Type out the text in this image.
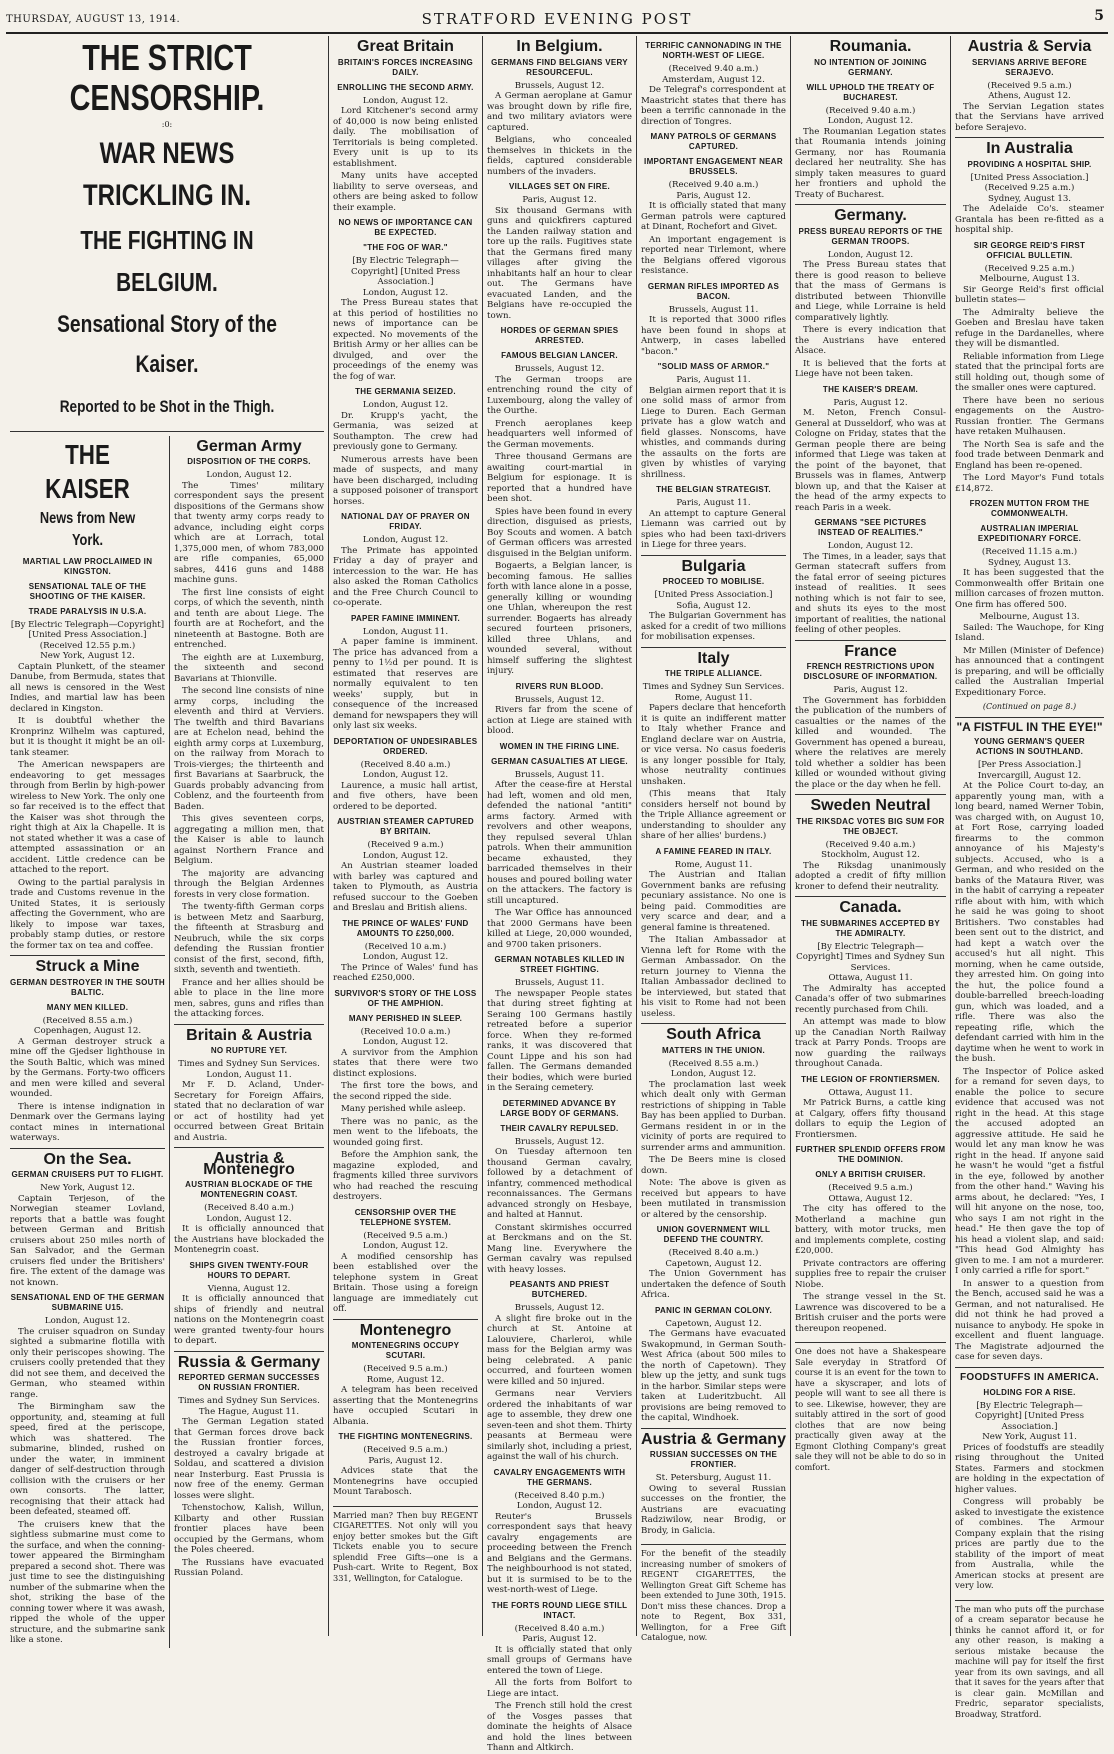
THURSDAY, AUGUST 13, 1914.	STRATFORD EVENING POST	5
THE STRICT CENSORSHIP.
:0:
WAR NEWS TRICKLING IN.
THE FIGHTING IN BELGIUM.
Sensational Story of the Kaiser.
Reported to be Shot in the Thigh.
THE KAISER
News from New York.
MARTIAL LAW PROCLAIMED IN KINGSTON.
SENSATIONAL TALE OF THE SHOOTING OF THE KAISER.
TRADE PARALYSIS IN U.S.A.
[By Electric Telegraph—Copyright] [United Press Association.]
(Received 12.55 p.m.)
New York, August 12.

Captain Plunkett, of the steamer Danube, from Bermuda, states that all news is censored in the West Indies, and martial law has been declared in Kingston.

It is doubtful whether the Kronprinz Wilhelm was captured, but it is thought it might be an oil-tank steamer.

The American newspapers are endeavoring to get messages through from Berlin by high-power wireless to New York. The only one so far received is to the effect that the Kaiser was shot through the right thigh at Aix la Chapelle. It is not stated whether it was a case of attempted assassination or an accident. Little credence can be attached to the report.

Owing to the partial paralysis in trade and Customs revenue in the United States, it is seriously affecting the Government, who are likely to impose war taxes, probably stamp duties, or restore the former tax on tea and coffee.

Struck a Mine
GERMAN DESTROYER IN THE SOUTH BALTIC.
MANY MEN KILLED.
(Received 8.55 a.m.)
Copenhagen, August 12.

A German destroyer struck a mine off the Gjedser lighthouse in the South Baltic, which was mined by the Germans. Forty-two officers and men were killed and several wounded.

There is intense indignation in Denmark over the Germans laying contact mines in international waterways.

On the Sea.
GERMAN CRUISERS PUT TO FLIGHT.
New York, August 12.

Captain Terjeson, of the Norwegian steamer Lovland, reports that a battle was fought between German and British cruisers about 250 miles north of San Salvador, and the German cruisers fled under the Britishers' fire. The extent of the damage was not known.

SENSATIONAL END OF THE GERMAN SUBMARINE U15.
London, August 12.

The cruiser squadron on Sunday sighted a submarine flotilla with only their periscopes showing. The cruisers coolly pretended that they did not see them, and deceived the German, who steamed within range.

The Birmingham saw the opportunity, and, steaming at full speed, fired at the periscope, which was shattered. The submarine, blinded, rushed on under the water, in imminent danger of self-destruction through collision with the cruisers or her own consorts. The latter, recognising that their attack had been defeated, steamed off.

The cruisers knew that the sightless submarine must come to the surface, and when the conning-tower appeared the Birmingham prepared a second shot. There was just time to see the distinguishing number of the submarine when the shot, striking the base of the conning tower where it was awash, ripped the whole of the upper structure, and the submarine sank like a stone.

German Army
DISPOSITION OF THE CORPS.
London, August 12.

The Times' military correspondent says the present dispositions of the Germans show that twenty army corps ready to advance, including eight corps which are at Lorrach, total 1,375,000 men, of whom 783,000 are rifle companies, 65,000 sabres, 4416 guns and 1488 machine guns.

The first line consists of eight corps, of which the seventh, ninth and tenth are about Liege. The fourth are at Rochefort, and the nineteenth at Bastogne. Both are entrenched.

The eighth are at Luxemburg, the sixteenth and second Bavarians at Thionville.

The second line consists of nine army corps, including the eleventh and third at Verviers. The twelfth and third Bavarians are at Echelon nead, behind the eighth army corps at Luxemburg, on the railway from Morach to Trois-vierges; the thirteenth and first Bavarians at Saarbruck, the Guards probably advancing from Coblenz, and the fourteenth from Baden.

This gives seventeen corps, aggregating a million men, that the Kaiser is able to launch against Northern France and Belgium.

The majority are advancing through the Belgian Ardennes forests in very close formation.

The twenty-fifth German corps is between Metz and Saarburg, the fifteenth at Strasburg and Neubruch, while the six corps defending the Russian frontier consist of the first, second, fifth, sixth, seventh and twentieth.

France and her allies should be able to place in the line more men, sabres, guns and rifles than the attacking forces.

Britain & Austria
NO RUPTURE YET.
Times and Sydney Sun Services.
London, August 11.

Mr F. D. Acland, Under-Secretary for Foreign Affairs, stated that no declaration of war or act of hostility had yet occurred between Great Britain and Austria.

Austria & Montenegro
AUSTRIAN BLOCKADE OF THE MONTENEGRIN COAST.
(Received 8.40 a.m.)
London, August 12.

It is officially announced that the Austrians have blockaded the Montenegrin coast.

SHIPS GIVEN TWENTY-FOUR HOURS TO DEPART.
Vienna, August 12.

It is officially announced that ships of friendly and neutral nations on the Montenegrin coast were granted twenty-four hours to depart.

Russia & Germany
REPORTED GERMAN SUCCESSES ON RUSSIAN FRONTIER.
Times and Sydney Sun Services.
The Hague, August 11.

The German Legation stated that German forces drove back the Russian frontier forces, destroyed a cavalry brigade at Soldau, and scattered a division near Insterburg. East Prussia is now free of the enemy. German losses were slight.

Tchenstochow, Kalish, Willun, Kilbarty and other Russian frontier places have been occupied by the Germans, whom the Poles cheered.

The Russians have evacuated Russian Poland.

Great Britain
BRITAIN'S FORCES INCREASING DAILY.
ENROLLING THE SECOND ARMY.
London, August 12.

Lord Kitchener's second army of 40,000 is now being enlisted daily. The mobilisation of Territorials is being completed. Every unit is up to its establishment.

Many units have accepted liability to serve overseas, and others are being asked to follow their example.

NO NEWS OF IMPORTANCE CAN BE EXPECTED.
"THE FOG OF WAR."
[By Electric Telegraph—Copyright] [United Press Association.]
London, August 12.

The Press Bureau states that at this period of hostilities no news of importance can be expected. No movements of the British Army or her allies can be divulged, and over the proceedings of the enemy was the fog of war.

THE GERMANIA SEIZED.
London, August 12.

Dr. Krupp's yacht, the Germania, was seized at Southampton. The crew had previously gone to Germany.

Numerous arrests have been made of suspects, and many have been discharged, including a supposed poisoner of transport horses.

NATIONAL DAY OF PRAYER ON FRIDAY.
London, August 12.

The Primate has appointed Friday a day of prayer and intercession to the war. He has also asked the Roman Catholics and the Free Church Council to co-operate.

PAPER FAMINE IMMINENT.
London, August 11.

A paper famine is imminent. The price has advanced from a penny to 1½d per pound. It is estimated that reserves are normally equivalent to ten weeks' supply, but in consequence of the increased demand for newspapers they will only last six weeks.

DEPORTATION OF UNDESIRABLES ORDERED.
(Received 8.40 a.m.)
London, August 12.

Laurence, a music hall artist, and five others, have been ordered to be deported.

AUSTRIAN STEAMER CAPTURED BY BRITAIN.
(Received 9 a.m.)
London, August 12.

An Austrian steamer loaded with barley was captured and taken to Plymouth, as Austria refused succour to the Goeben and Breslau and British aliens.

THE PRINCE OF WALES' FUND AMOUNTS TO £250,000.
(Received 10 a.m.)
London, August 12.

The Prince of Wales' fund has reached £250,000.

SURVIVOR'S STORY OF THE LOSS OF THE AMPHION.
MANY PERISHED IN SLEEP.
(Received 10.0 a.m.)
London, August 12.

A survivor from the Amphion states that there were two distinct explosions.

The first tore the bows, and the second ripped the side.

Many perished while asleep.

There was no panic, as the men went to the lifeboats, the wounded going first.

Before the Amphion sank, the magazine exploded, and fragments killed three survivors who had reached the rescuing destroyers.

CENSORSHIP OVER THE TELEPHONE SYSTEM.
(Received 9.5 a.m.)
London, August 12.

A modified censorship has been established over the telephone system in Great Britain. Those using a foreign language are immediately cut off.

Montenegro
MONTENEGRINS OCCUPY SCUTARI.
(Received 9.5 a.m.)
Rome, August 12.

A telegram has been received asserting that the Montenegrins have occupied Scutari in Albania.

THE FIGHTING MONTENEGRINS.
(Received 9.5 a.m.)
Paris, August 12.

Advices state that the Montenegrins have occupied Mount Tarabosch.

Married man? Then buy REGENT CIGARETTES. Not only will you enjoy better smokes but the Gift Tickets enable you to secure splendid Free Gifts—one is a Push-cart. Write to Regent, Box 331, Wellington, for Catalogue.

In Belgium.
GERMANS FIND BELGIANS VERY RESOURCEFUL.
Brussels, August 12.

A German aeroplane at Gamur was brought down by rifle fire, and two military aviators were captured.

Belgians, who concealed themselves in thickets in the fields, captured considerable numbers of the invaders.

VILLAGES SET ON FIRE.
Paris, August 12.

Six thousand Germans with guns and quickfirers captured the Landen railway station and tore up the rails. Fugitives state that the Germans fired many villages after giving the inhabitants half an hour to clear out. The Germans have evacuated Landen, and the Belgians have re-occupied the town.

HORDES OF GERMAN SPIES ARRESTED.
FAMOUS BELGIAN LANCER.
Brussels, August 12.

The German troops are entrenching round the city of Luxembourg, along the valley of the Ourthe.

French aeroplanes keep headquarters well informed of the German movements.

Three thousand Germans are awaiting court-martial in Belgium for espionage. It is reported that a hundred have been shot.

Spies have been found in every direction, disguised as priests, Boy Scouts and women. A batch of German officers was arrested disguised in the Belgian uniform.

Bogaerts, a Belgian lancer, is becoming famous. He sallies forth with lance alone in a posse, generally killing or wounding one Uhlan, whereupon the rest surrender. Bogaerts has already secured fourteen prisoners, killed three Uhlans, and wounded several, without himself suffering the slightest injury.

RIVERS RUN BLOOD.
Brussels, August 12.

Rivers far from the scene of action at Liege are stained with blood.

WOMEN IN THE FIRING LINE.
GERMAN CASUALTIES AT LIEGE.
Brussels, August 11.

After the cease-fire at Herstal had left, women and old men, defended the national "antiti" arms factory. Armed with revolvers and other weapons, they repulsed several Uhlan patrols. When their ammunition became exhausted, they barricaded themselves in their houses and poured boiling water on the attackers. The factory is still uncaptured.

The War Office has announced that 2000 Germans have been killed at Liege, 20,000 wounded, and 9700 taken prisoners.

GERMAN NOTABLES KILLED IN STREET FIGHTING.
Brussels, August 11.

The newspaper People states that during street fighting at Seraing 100 Germans hastily retreated before a superior force. When they re-formed ranks, it was discovered that Count Lippe and his son had fallen. The Germans demanded their bodies, which were buried in the Seraing cemetery.

DETERMINED ADVANCE BY LARGE BODY OF GERMANS.
THEIR CAVALRY REPULSED.
Brussels, August 12.

On Tuesday afternoon ten thousand German cavalry, followed by a detachment of infantry, commenced methodical reconnaissances. The Germans advanced strongly on Hesbaye, and halted at Hannut.

Constant skirmishes occurred at Berckmans and on the St. Mang line. Everywhere the German cavalry was repulsed with heavy losses.

PEASANTS AND PRIEST BUTCHERED.
Brussels, August 12.

A slight fire broke out in the church at St. Antoine at Lalouviere, Charleroi, while mass for the Belgian army was being celebrated. A panic occurred, and fourteen women were killed and 50 injured.

Germans near Verviers ordered the inhabitants of war age to assemble, they drew one seven-teen and shot them. Thirty peasants at Bermeau were similarly shot, including a priest, against the wall of his church.

CAVALRY ENGAGEMENTS WITH THE GERMANS.
(Received 8.40 p.m.)
London, August 12.

Reuter's Brussels correspondent says that heavy cavalry engagements are proceeding between the French and Belgians and the Germans. The neighbourhood is not stated, but it is surmised to be to the west-north-west of Liege.

THE FORTS ROUND LIEGE STILL INTACT.
(Received 8.40 a.m.)
Paris, August 12.

It is officially stated that only small groups of Germans have entered the town of Liege.

All the forts from Bolfort to Liege are intact.

The French still hold the crest of the Vosges passes that dominate the heights of Alsace and hold the lines between Thann and Altkirch.

TERRIFIC CANNONADING IN THE NORTH-WEST OF LIEGE.
(Received 9.40 a.m.)
Amsterdam, August 12.

De Telegraf's correspondent at Maastricht states that there has been a terrific cannonade in the direction of Tongres.

MANY PATROLS OF GERMANS CAPTURED.
IMPORTANT ENGAGEMENT NEAR BRUSSELS.
(Received 9.40 a.m.)
Paris, August 12.

It is officially stated that many German patrols were captured at Dinant, Rochefort and Givet.

An important engagement is reported near Tirlemont, where the Belgians offered vigorous resistance.

GERMAN RIFLES IMPORTED AS BACON.
Brussels, August 11.

It is reported that 3000 rifles have been found in shops at Antwerp, in cases labelled "bacon."

"SOLID MASS OF ARMOR."
Paris, August 11.

Belgian airmen report that it is one solid mass of armor from Liege to Duren. Each German private has a glow watch and field glasses. Nonscoms, have whistles, and commands during the assaults on the forts are given by whistles of varying shrillness.

THE BELGIAN STRATEGIST.
Paris, August 11.

An attempt to capture General Liemann was carried out by spies who had been taxi-drivers in Liege for three years.

Bulgaria
PROCEED TO MOBILISE.
[United Press Association.]
Sofia, August 12.

The Bulgarian Government has asked for a credit of two millions for mobilisation expenses.

Italy
THE TRIPLE ALLIANCE.
Times and Sydney Sun Services.
Rome, August 11.

Papers declare that henceforth it is quite an indifferent matter to Italy whether France and England declare war on Austria, or vice versa. No casus foederis is any longer possible for Italy, whose neutrality continues unshaken.

(This means that Italy considers herself not bound by the Triple Alliance agreement or understanding to shoulder any share of her allies' burdens.)

A FAMINE FEARED IN ITALY.
Rome, August 11.

The Austrian and Italian Government banks are refusing pecuniary assistance. No one is being paid. Commodities are very scarce and dear, and a general famine is threatened.

The Italian Ambassador at Vienna left for Rome with the German Ambassador. On the return journey to Vienna the Italian Ambassador declined to be interviewed, but stated that his visit to Rome had not been useless.

South Africa
MATTERS IN THE UNION.
(Received 8.55 a.m.)
London, August 12.

The proclamation last week which dealt only with German restrictions of shipping in Table Bay has been applied to Durban. Germans resident in or in the vicinity of ports are required to surrender arms and ammunition.

The De Beers mine is closed down.

Note: The above is given as received but appears to have been mutilated in transmission or altered by the censorship.

UNION GOVERNMENT WILL DEFEND THE COUNTRY.
(Received 8.40 a.m.)
Capetown, August 12.

The Union Government has undertaken the defence of South Africa.

PANIC IN GERMAN COLONY.
Capetown, August 12.

The Germans have evacuated Swakopmund, in German South-West Africa (about 500 miles to the north of Capetown). They blew up the jetty, and sunk tugs in the harbor. Similar steps were taken at Luderitzbucht. All provisions are being removed to the capital, Windhoek.

Austria & Germany
RUSSIAN SUCCESSES ON THE FRONTIER.
St. Petersburg, August 11.

Owing to several Russian successes on the frontier, the Austrians are evacuating Radziwilow, near Brodig, or Brody, in Galicia.

For the benefit of the steadily increasing number of smokers of REGENT CIGARETTES, the Wellington Great Gift Scheme has been extended to June 30th, 1915. Don't miss these chances. Drop a note to Regent, Box 331, Wellington, for a Free Gift Catalogue, now.

Roumania.
NO INTENTION OF JOINING GERMANY.
WILL UPHOLD THE TREATY OF BUCHAREST.
(Received 9.40 a.m.)
London, August 12.

The Roumanian Legation states that Roumania intends joining Germany, nor has Roumania declared her neutrality. She has simply taken measures to guard her frontiers and uphold the Treaty of Bucharest.

Germany.
PRESS BUREAU REPORTS OF THE GERMAN TROOPS.
London, August 12.

The Press Bureau states that there is good reason to believe that the mass of Germans is distributed between Thionville and Liege, while Lorraine is held comparatively lightly.

There is every indication that the Austrians have entered Alsace.

It is believed that the forts at Liege have not been taken.

THE KAISER'S DREAM.
Paris, August 12.

M. Neton, French Consul-General at Dusseldorf, who was at Cologne on Friday, states that the German people there are being informed that Liege was taken at the point of the bayonet, that Brussels was in flames, Antwerp blown up, and that the Kaiser at the head of the army expects to reach Paris in a week.

GERMANS "SEE PICTURES INSTEAD OF REALITIES."
London, August 12.

The Times, in a leader, says that German statecraft suffers from the fatal error of seeing pictures instead of realities. It sees nothing which is not fair to see, and shuts its eyes to the most important of realities, the national feeling of other peoples.

France
FRENCH RESTRICTIONS UPON DISCLOSURE OF INFORMATION.
Paris, August 12.

The Government has forbidden the publication of the numbers of casualties or the names of the killed and wounded. The Government has opened a bureau, where the relatives are merely told whether a soldier has been killed or wounded without giving the place or the day when he fell.

Sweden Neutral
THE RIKSDAC VOTES BIG SUM FOR THE OBJECT.
(Received 9.40 a.m.)
Stockholm, August 12.

The Riksdag unanimously adopted a credit of fifty million kroner to defend their neutrality.

Canada.
THE SUBMARINES ACCEPTED BY THE ADMIRALTY.
[By Electric Telegraph—Copyright] Times and Sydney Sun Services.
Ottawa, August 11.

The Admiralty has accepted Canada's offer of two submarines recently purchased from Chili.

An attempt was made to blow up the Canadian North Railway track at Parry Ponds. Troops are now guarding the railways throughout Canada.

THE LEGION OF FRONTIERSMEN.
Ottawa, August 11.

Mr Patrick Burns, a cattle king at Calgary, offers fifty thousand dollars to equip the Legion of Frontiersmen.

FURTHER SPLENDID OFFERS FROM THE DOMINION.
ONLY A BRITISH CRUISER.
(Received 9.5 a.m.)
Ottawa, August 12.

The city has offered to the Motherland a machine gun battery, with motor trucks, men and implements complete, costing £20,000.

Private contractors are offering supplies free to repair the cruiser Niobe.

The strange vessel in the St. Lawrence was discovered to be a British cruiser and the ports were thereupon reopened.

One does not have a Shakespeare Sale everyday in Stratford Of course it is an event for the town to have a skyscraper, and lots of people will want to see all there is to see. Likewise, however, they are suitably attired in the sort of good clothes that are now being practically given away at the Egmont Clothing Company's great sale they will not be able to do so in comfort.

Austria & Servia
SERVIANS ARRIVE BEFORE SERAJEVO.
(Received 9.5 a.m.)
Athens, August 12.

The Servian Legation states that the Servians have arrived before Serajevo.

In Australia
PROVIDING A HOSPITAL SHIP.
[United Press Association.]
(Received 9.25 a.m.)
Sydney, August 13.

The Adelaide Co's. steamer Grantala has been re-fitted as a hospital ship.

SIR GEORGE REID'S FIRST OFFICIAL BULLETIN.
(Received 9.25 a.m.)
Melbourne, August 13.

Sir George Reid's first official bulletin states—

The Admiralty believe the Goeben and Breslau have taken refuge in the Dardanelles, where they will be dismantled.

Reliable information from Liege stated that the principal forts are still holding out, though some of the smaller ones were captured.

There have been no serious engagements on the Austro-Russian frontier. The Germans have retaken Mulhausen.

The North Sea is safe and the food trade between Denmark and England has been re-opened.

The Lord Mayor's Fund totals £14,872.

FROZEN MUTTON FROM THE COMMONWEALTH.
AUSTRALIAN IMPERIAL EXPEDITIONARY FORCE.
(Received 11.15 a.m.)
Sydney, August 13.

It has been suggested that the Commonwealth offer Britain one million carcases of frozen mutton. One firm has offered 500.

Melbourne, August 13.

Sailed: The Wauchope, for King Island.

Mr Millen (Minister of Defence) has announced that a contingent is preparing, and will be officially called the Australian Imperial Expeditionary Force.

(Continued on page 8.)
"A FISTFUL IN THE EYE!"
YOUNG GERMAN'S QUEER ACTIONS IN SOUTHLAND.
[Per Press Association.]
Invercargill, August 12.

At the Police Court to-day, an apparently young man, with a long beard, named Werner Tobin, was charged with, on August 10, at Fort Rose, carrying loaded firearms to the common annoyance of his Majesty's subjects. Accused, who is a German, and who resided on the banks of the Mataura River, was in the habit of carrying a repeater rifle about with him, with which he said he was going to shoot Britishers. Two constables had been sent out to the district, and had kept a watch over the accused's hut all night. This morning, when he came outside, they arrested him. On going into the hut, the police found a double-barrelled breech-loading gun, which was loaded, and a rifle. There was also the repeating rifle, which the defendant carried with him in the daytime when he went to work in the bush.

The Inspector of Police asked for a remand for seven days, to enable the police to secure evidence that accused was not right in the head. At this stage the accused adopted an aggressive attitude. He said he would let any man know he was right in the head. If anyone said he wasn't he would "get a fistful in the eye, followed by another from the other hand." Waving his arms about, he declared: "Yes, I will hit anyone on the nose, too, who says I am not right in the head." He then gave the top of his head a violent slap, and said: "This head God Almighty has given to me. I am not a murderer. I only carried a rifle for sport."

In answer to a question from the Bench, accused said he was a German, and not naturalised. He did not think he had proved a nuisance to anybody. He spoke in excellent and fluent language. The Magistrate adjourned the case for seven days.

FOODSTUFFS IN AMERICA.
HOLDING FOR A RISE.
[By Electric Telegraph—Copyright] [United Press Association.]
New York, August 11.

Prices of foodstuffs are steadily rising throughout the United States. Farmers and stockmen are holding in the expectation of higher values.

Congress will probably be asked to investigate the existence of combines. The Armour Company explain that the rising prices are partly due to the stability of the import of meat from Australia, while the American stocks at present are very low.

The man who puts off the purchase of a cream separator because he thinks he cannot afford it, or for any other reason, is making a serious mistake because the machine will pay for itself the first year from its own savings, and all that it saves for the years after that is clear gain. McMillan and Fredric, separator specialists, Broadway, Stratford.
